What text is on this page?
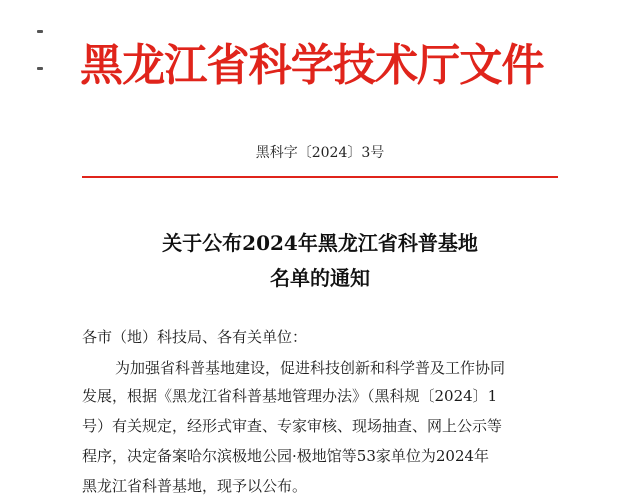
黑龙江省科学技术厅文件
黑科字〔2024〕3号
关于公布2024年黑龙江省科普基地
名单的通知
各市（地）科技局、各有关单位：
为加强省科普基地建设，促进科技创新和科学普及工作协同
发展，根据《黑龙江省科普基地管理办法》（黑科规〔2024〕1
号）有关规定，经形式审查、专家审核、现场抽查、网上公示等
程序，决定备案哈尔滨极地公园·极地馆等53家单位为2024年
黑龙江省科普基地，现予以公布。
